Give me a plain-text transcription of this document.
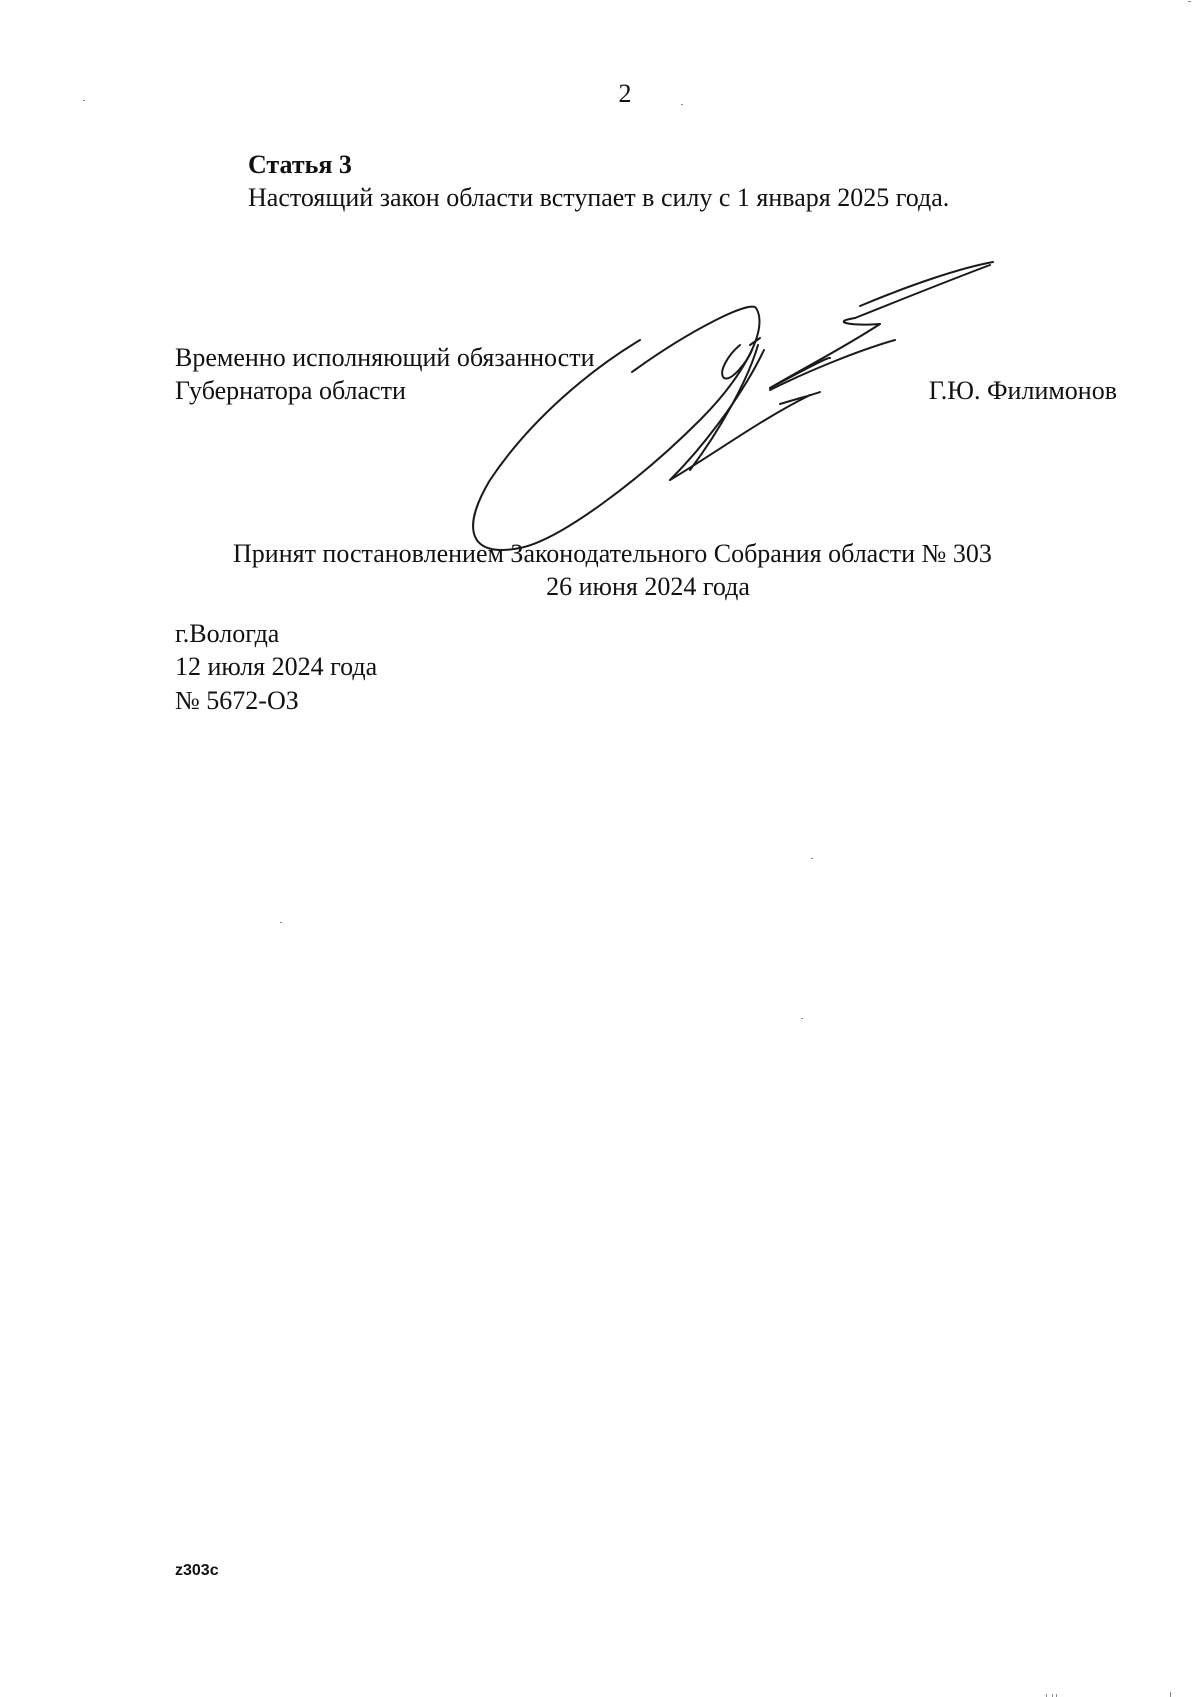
2
Статья 3
Настоящий закон области вступает в силу с 1 января 2025 года.
Временно исполняющий обязанности
Губернатора области	Г.Ю. Филимонов
Принят постановлением Законодательного Собрания области № 303
26 июня 2024 года
г.Вологда
12 июля 2024 года
№ 5672-ОЗ
z303c
